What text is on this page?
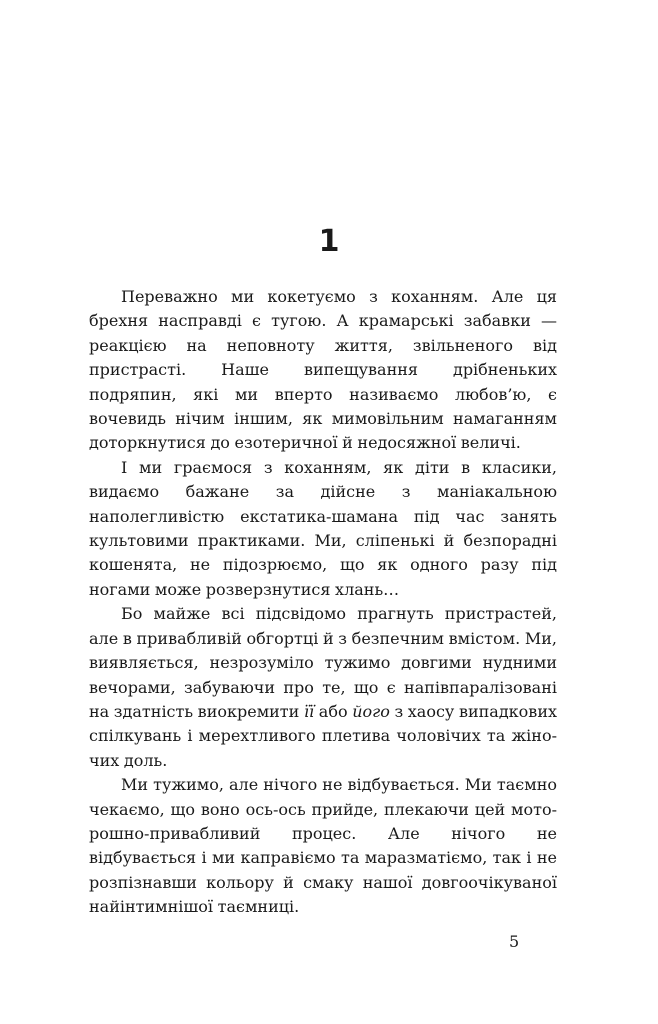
1

Переважно ми кокетуємо з коханням. Але ця брехня насправді є тугою. А крамарські забавки — реакцією на неповноту життя, звільненого від пристрасті. Наше випещування дрібненьких подряпин, які ми вперто називаємо любов’ю, є вочевидь нічим іншим, як мимовільним намаганням доторкнутися до езотеричної й недосяжної величі.

І ми граємося з коханням, як діти в класики, видаємо бажане за дійсне з маніакальною наполегливістю екстатика-шамана під час занять культовими практиками. Ми, сліпенькі й безпорадні кошенята, не підозрюємо, що як одного разу під ногами може розверзнутися хлань…

Бо майже всі підсвідомо прагнуть пристрастей, але в привабливій обгортці й з безпечним вмістом. Ми, виявляється, незрозуміло тужимо довгими нудними вечорами, забуваючи про те, що є напівпаралізовані на здатність виокремити її або його з хаосу випадкових спілкувань і мерехтливого плетива чоловічих та жіночих доль.

Ми тужимо, але нічого не відбувається. Ми таємно чекаємо, що воно ось-ось прийде, плекаючи цей моторошно-привабливий процес. Але нічого не відбувається і ми каправіємо та маразматіємо, так і не розпізнавши кольору й смаку нашої довгоочікуваної найінтимнішої таємниці.

5
